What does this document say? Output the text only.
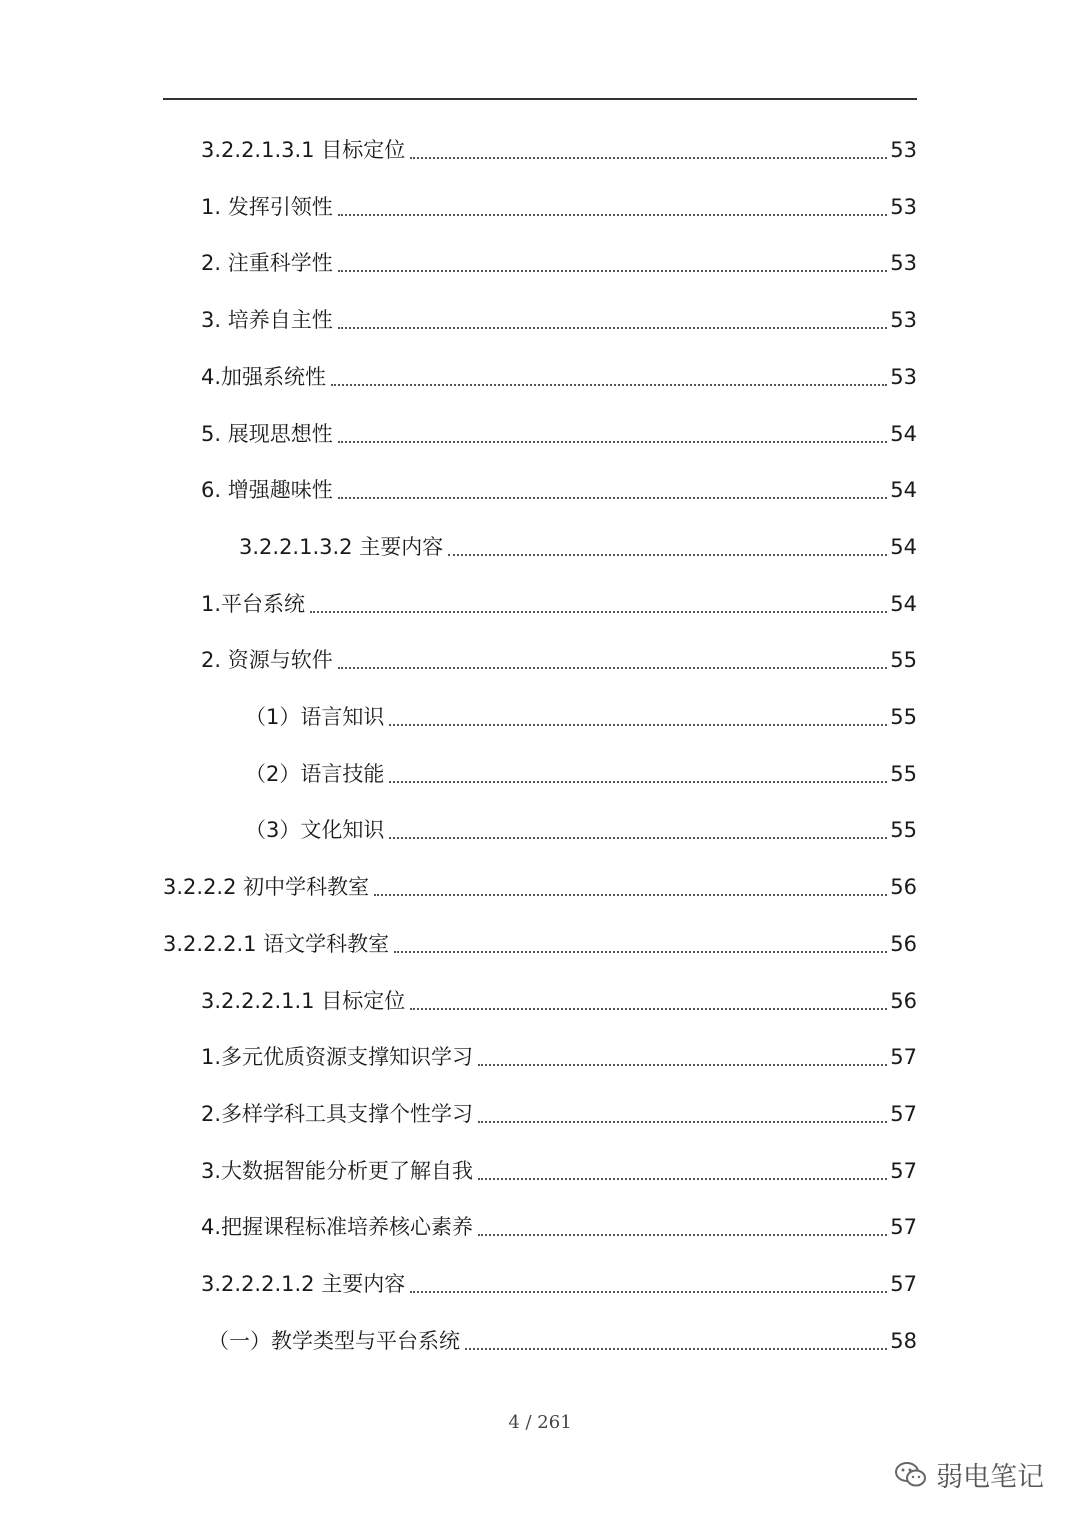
3.2.2.1.3.1 目标定位	53
1. 发挥引领性	53
2. 注重科学性	53
3. 培养自主性	53
4.加强系统性	53
5. 展现思想性	54
6. 增强趣味性	54
3.2.2.1.3.2 主要内容	54
1.平台系统	54
2. 资源与软件	55
（1）语言知识	55
（2）语言技能	55
（3）文化知识	55
3.2.2.2 初中学科教室	56
3.2.2.2.1 语文学科教室	56
3.2.2.2.1.1 目标定位	56
1.多元优质资源支撑知识学习	57
2.多样学科工具支撑个性学习	57
3.大数据智能分析更了解自我	57
4.把握课程标准培养核心素养	57
3.2.2.2.1.2 主要内容	57
（一）教学类型与平台系统	58
4 / 261
弱电笔记
